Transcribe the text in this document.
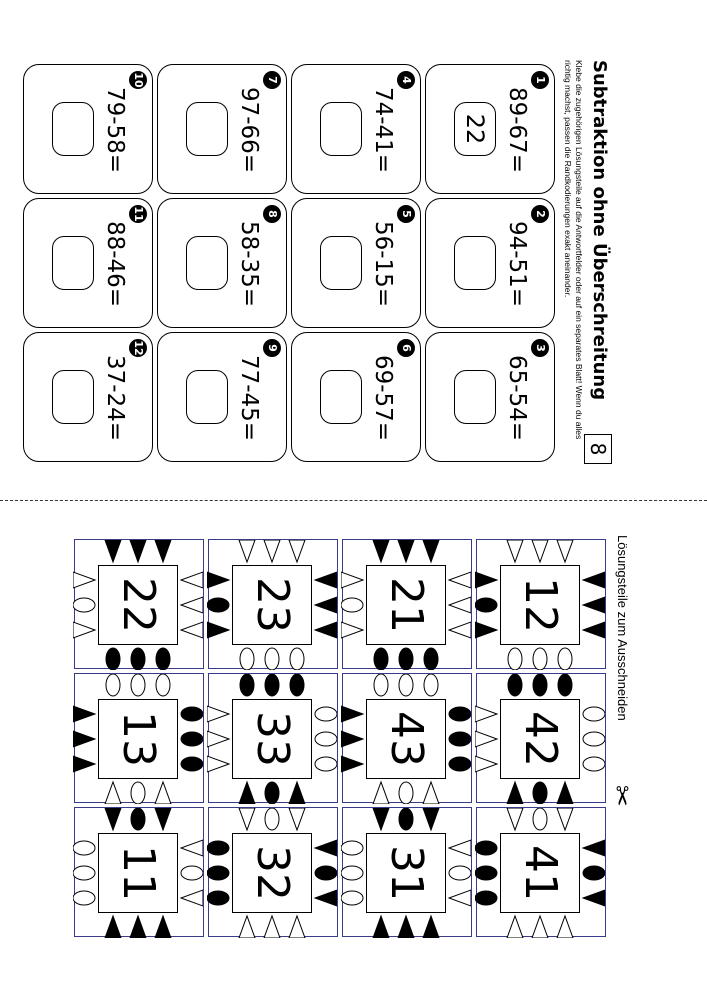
Subtraktion ohne Überschreitung
8
Klebe die zugehörigen Lösungsteile auf die Antwortfelder oder auf ein separates Blatt! Wenn du alles richtig machst, passen die Randkodierungen exakt aneinander.
1
89-67=
22
2
94-51=
3
65-54=
4
74-41=
5
56-15=
6
69-57=
7
97-66=
8
58-35=
9
77-45=
10
79-58=
11
88-46=
12
37-24=
Lösungsteile zum Ausschneiden
✂
12
42
41
21
43
31
23
33
32
22
13
11
